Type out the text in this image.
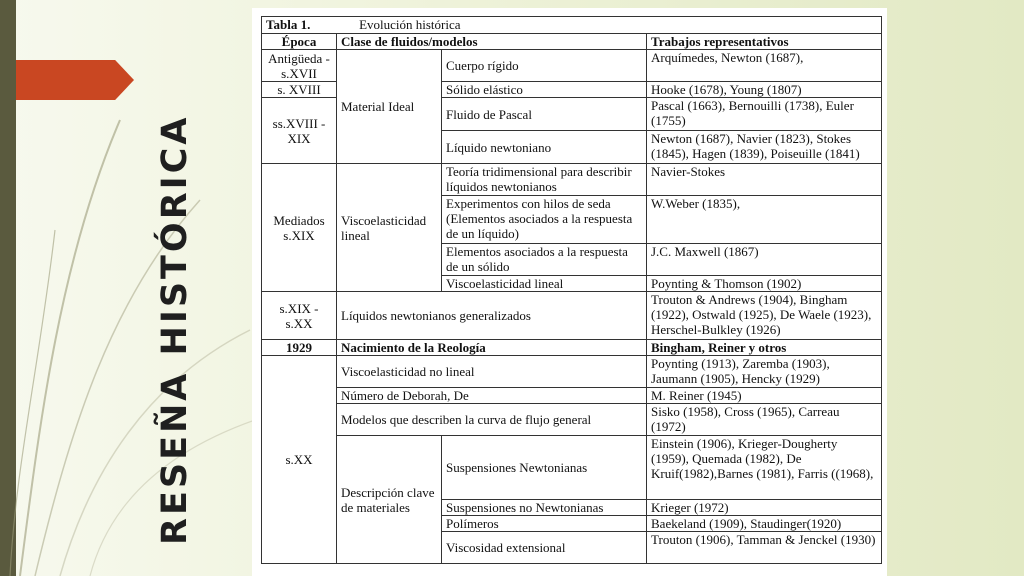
RESEÑA HISTÓRICA
Tabla 1. Evolución histórica			
Época	Clase de fluidos/modelos		Trabajos representativos
Antigüeda - s.XVII	Material Ideal	Cuerpo rígido	Arquímedes, Newton (1687),
s. XVIII		Sólido elástico	Hooke (1678), Young (1807)
ss.XVIII - XIX		Fluido de Pascal	Pascal (1663), Bernouilli (1738), Euler (1755)
		Líquido newtoniano	Newton (1687), Navier (1823), Stokes (1845), Hagen (1839), Poiseuille (1841)
Mediados s.XIX	Viscoelasticidad lineal	Teoría tridimensional para describir líquidos newtonianos	Navier-Stokes
		Experimentos con hilos de seda (Elementos asociados a la respuesta de un líquido)	W.Weber (1835),
		Elementos asociados a la respuesta de un sólido	J.C. Maxwell (1867)
		Viscoelasticidad lineal	Poynting & Thomson (1902)
s.XIX - s.XX	Líquidos newtonianos generalizados		Trouton & Andrews (1904), Bingham (1922), Ostwald (1925), De Waele (1923), Herschel-Bulkley (1926)
1929	Nacimiento de la Reología		Bingham, Reiner y otros
s.XX	Viscoelasticidad no lineal		Poynting (1913), Zaremba (1903), Jaumann (1905), Hencky (1929)
	Número de Deborah, De		M. Reiner (1945)
	Modelos que describen la curva de flujo general		Sisko (1958), Cross (1965), Carreau (1972)
	Descripción clave de materiales	Suspensiones Newtonianas	Einstein (1906), Krieger-Dougherty (1959), Quemada (1982), De Kruif(1982),Barnes (1981), Farris ((1968),
		Suspensiones no Newtonianas	Krieger (1972)
		Polímeros	Baekeland (1909), Staudinger(1920)
		Viscosidad extensional	Trouton (1906), Tamman & Jenckel (1930)
